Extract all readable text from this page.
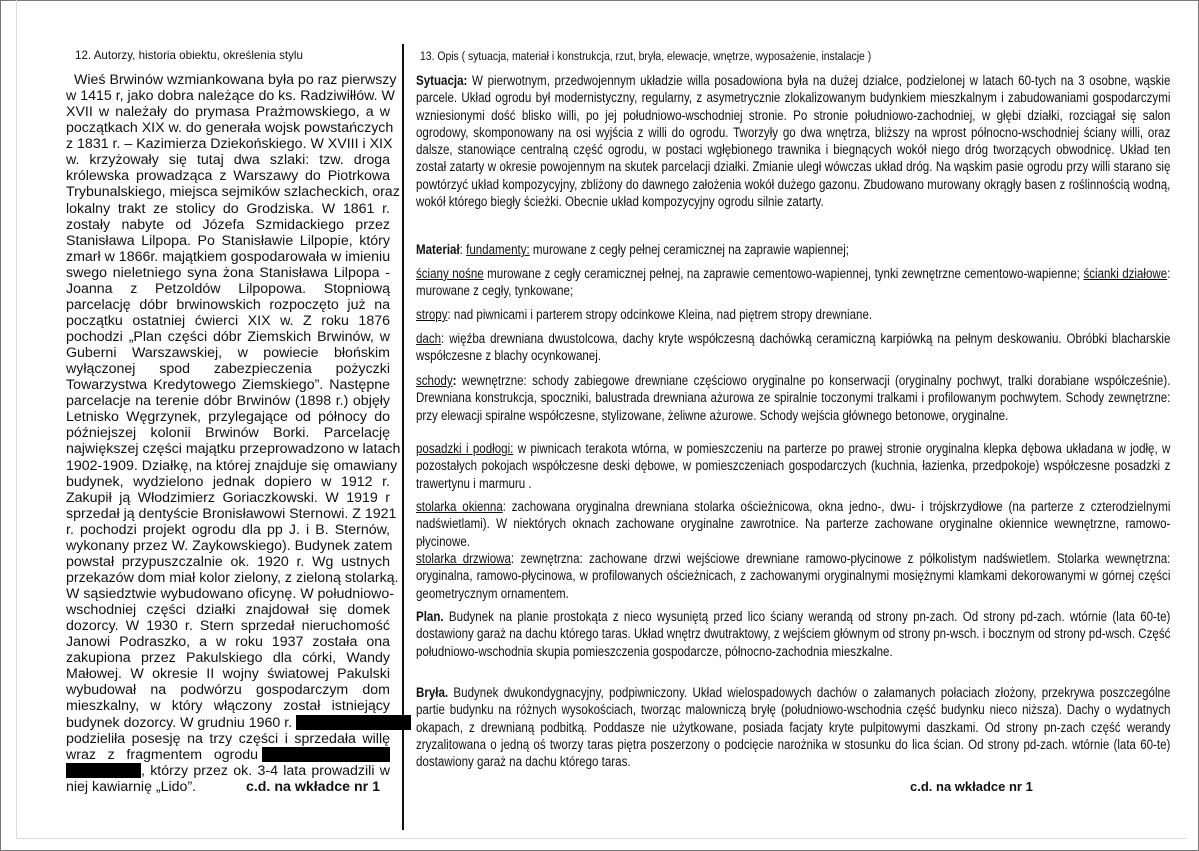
12. Autorzy, historia obiektu, określenia stylu
Wieś Brwinów wzmiankowana była po raz pierwszy
w 1415 r, jako dobra należące do ks. Radziwiłłów. W
XVII w należały do prymasa Prażmowskiego, a w
początkach XIX w. do generała wojsk powstańczych
z 1831 r. – Kazimierza Dziekońskiego. W XVIII i XIX
w. krzyżowały się tutaj dwa szlaki: tzw. droga
królewska prowadząca z Warszawy do Piotrkowa
Trybunalskiego, miejsca sejmików szlacheckich, oraz
lokalny trakt ze stolicy do Grodziska. W 1861 r.
zostały nabyte od Józefa Szmidackiego przez
Stanisława Lilpopa. Po Stanisławie Lilpopie, który
zmarł w 1866r. majątkiem gospodarowała w imieniu
swego nieletniego syna żona Stanisława Lilpopa -
Joanna z Petzoldów Lilpopowa. Stopniową
parcelację dóbr brwinowskich rozpoczęto już na
początku ostatniej ćwierci XIX w. Z roku 1876
pochodzi „Plan części dóbr Ziemskich Brwinów, w
Guberni Warszawskiej, w powiecie błońskim
wyłączonej spod zabezpieczenia pożyczki
Towarzystwa Kredytowego Ziemskiego”. Następne
parcelacje na terenie dóbr Brwinów (1898 r.) objęły
Letnisko Węgrzynek, przylegające od północy do
późniejszej kolonii Brwinów Borki. Parcelację
największej części majątku przeprowadzono w latach
1902-1909. Działkę, na której znajduje się omawiany
budynek, wydzielono jednak dopiero w 1912 r.
Zakupił ją Włodzimierz Goriaczkowski. W 1919 r
sprzedał ją dentyście Bronisławowi Sternowi. Z 1921
r. pochodzi projekt ogrodu dla pp J. i B. Sternów,
wykonany przez W. Zaykowskiego). Budynek zatem
powstał przypuszczalnie ok. 1920 r. Wg ustnych
przekazów dom miał kolor zielony, z zieloną stolarką.
W sąsiedztwie wybudowano oficynę. W południowo-
wschodniej części działki znajdował się domek
dozorcy. W 1930 r. Stern sprzedał nieruchomość
Janowi Podraszko, a w roku 1937 została ona
zakupiona przez Pakulskiego dla córki, Wandy
Małowej. W okresie II wojny światowej Pakulski
wybudował na podwórzu gospodarczym dom
mieszkalny, w który włączony został istniejący
budynek dozorcy. W grudniu 1960 r.
podzieliła posesję na trzy części i sprzedała willę
wraz z fragmentem ogrodu
, którzy przez ok. 3-4 lata prowadzili w
niej kawiarnię „Lido”.	c.d. na wkładce nr 1
13. Opis ( sytuacja, materiał i konstrukcja, rzut, bryła, elewacje, wnętrze, wyposażenie, instalacje )
Sytuacja: W pierwotnym, przedwojennym układzie willa posadowiona była na dużej działce, podzielonej w latach 60-tych na 3 osobne, wąskie parcele. Układ ogrodu był modernistyczny, regularny, z asymetrycznie zlokalizowanym budynkiem mieszkalnym i zabudowaniami gospodarczymi wzniesionymi dość blisko willi, po jej południowo-wschodniej stronie. Po stronie południowo-zachodniej, w głębi działki, rozciągał się salon ogrodowy, skomponowany na osi wyjścia z willi do ogrodu. Tworzyły go dwa wnętrza, bliższy na wprost północno-wschodniej ściany willi, oraz dalsze, stanowiące centralną część ogrodu, w postaci wgłębionego trawnika i biegnących wokół niego dróg tworzących obwodnicę. Układ ten został zatarty w okresie powojennym na skutek parcelacji działki. Zmianie uległ wówczas układ dróg. Na wąskim pasie ogrodu przy willi starano się powtórzyć układ kompozycyjny, zbliżony do dawnego założenia wokół dużego gazonu. Zbudowano murowany okrągły basen z roślinnością wodną, wokół którego biegły ścieżki. Obecnie układ kompozycyjny ogrodu silnie zatarty.
Materiał: fundamenty: murowane z cegły pełnej ceramicznej na zaprawie wapiennej;
ściany nośne murowane z cegły ceramicznej pełnej, na zaprawie cementowo-wapiennej, tynki zewnętrzne cementowo-wapienne; ścianki działowe: murowane z cegły, tynkowane;
stropy: nad piwnicami i parterem stropy odcinkowe Kleina, nad piętrem stropy drewniane.
dach: więźba drewniana dwustolcowa, dachy kryte współczesną dachówką ceramiczną karpiówką na pełnym deskowaniu. Obróbki blacharskie współczesne z blachy ocynkowanej.
schody: wewnętrzne: schody zabiegowe drewniane częściowo oryginalne po konserwacji (oryginalny pochwyt, tralki dorabiane współcześnie). Drewniana konstrukcja, spoczniki, balustrada drewniana ażurowa ze spiralnie toczonymi tralkami i profilowanym pochwytem. Schody zewnętrzne: przy elewacji spiralne współczesne, stylizowane, żeliwne ażurowe. Schody wejścia głównego betonowe, oryginalne.
posadzki i podłogi: w piwnicach terakota wtórna, w pomieszczeniu na parterze po prawej stronie oryginalna klepka dębowa układana w jodłę, w pozostałych pokojach współczesne deski dębowe, w pomieszczeniach gospodarczych (kuchnia, łazienka, przedpokoje) współczesne posadzki z trawertynu i marmuru .
stolarka okienna: zachowana oryginalna drewniana stolarka ościeżnicowa, okna jedno-, dwu- i trójskrzydłowe (na parterze z czterodzielnymi nadświetlami). W niektórych oknach zachowane oryginalne zawrotnice. Na parterze zachowane oryginalne okiennice wewnętrzne, ramowo-płycinowe.
stolarka drzwiowa: zewnętrzna: zachowane drzwi wejściowe drewniane ramowo-płycinowe z półkolistym nadświetlem. Stolarka wewnętrzna: oryginalna, ramowo-płycinowa, w profilowanych ościeżnicach, z zachowanymi oryginalnymi mosiężnymi klamkami dekorowanymi w górnej części geometrycznym ornamentem.
Plan. Budynek na planie prostokąta z nieco wysuniętą przed lico ściany werandą od strony pn-zach. Od strony pd-zach. wtórnie (lata 60-te) dostawiony garaż na dachu którego taras. Układ wnętrz dwutraktowy, z wejściem głównym od strony pn-wsch. i bocznym od strony pd-wsch. Część południowo-wschodnia skupia pomieszczenia gospodarcze, północno-zachodnia mieszkalne.
Bryła. Budynek dwukondygnacyjny, podpiwniczony. Układ wielospadowych dachów o załamanych połaciach złożony, przekrywa poszczególne partie budynku na różnych wysokościach, tworząc malowniczą bryłę (południowo-wschodnia część budynku nieco niższa). Dachy o wydatnych okapach, z drewnianą podbitką. Poddasze nie użytkowane, posiada facjaty kryte pulpitowymi daszkami. Od strony pn-zach część werandy zryzalitowana o jedną oś tworzy taras piętra poszerzony o podcięcie narożnika w stosunku do lica ścian. Od strony pd-zach. wtórnie (lata 60-te) dostawiony garaż na dachu którego taras.
c.d. na wkładce nr 1
